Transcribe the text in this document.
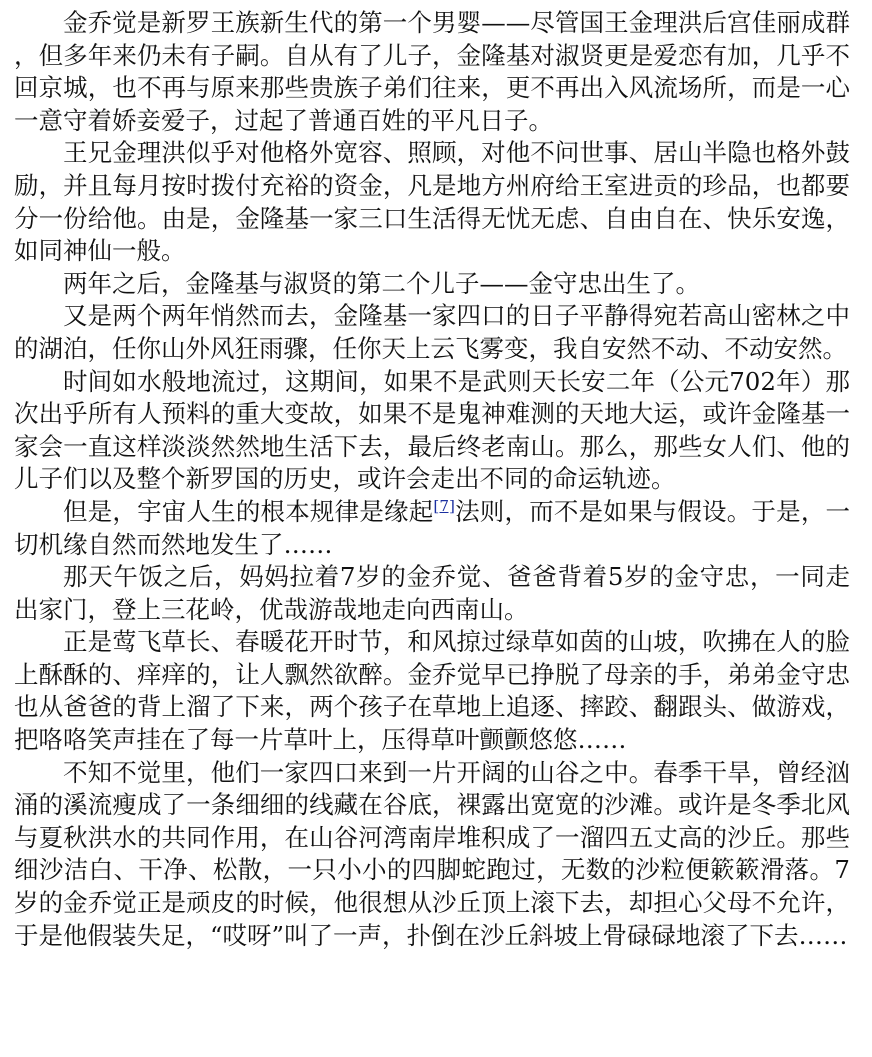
金乔觉是新罗王族新生代的第一个男婴——尽管国王金理洪后宫佳丽成群，但多年来仍未有子嗣。自从有了儿子，金隆基对淑贤更是爱恋有加，几乎不回京城，也不再与原来那些贵族子弟们往来，更不再出入风流场所，而是一心一意守着娇妾爱子，过起了普通百姓的平凡日子。

王兄金理洪似乎对他格外宽容、照顾，对他不问世事、居山半隐也格外鼓励，并且每月按时拨付充裕的资金，凡是地方州府给王室进贡的珍品，也都要分一份给他。由是，金隆基一家三口生活得无忧无虑、自由自在、快乐安逸，如同神仙一般。

两年之后，金隆基与淑贤的第二个儿子——金守忠出生了。

又是两个两年悄然而去，金隆基一家四口的日子平静得宛若高山密林之中的湖泊，任你山外风狂雨骤，任你天上云飞雾变，我自安然不动、不动安然。

时间如水般地流过，这期间，如果不是武则天长安二年（公元702年）那次出乎所有人预料的重大变故，如果不是鬼神难测的天地大运，或许金隆基一家会一直这样淡淡然然地生活下去，最后终老南山。那么，那些女人们、他的儿子们以及整个新罗国的历史，或许会走出不同的命运轨迹。

但是，宇宙人生的根本规律是缘起[7]法则，而不是如果与假设。于是，一切机缘自然而然地发生了……

那天午饭之后，妈妈拉着7岁的金乔觉、爸爸背着5岁的金守忠，一同走出家门，登上三花岭，优哉游哉地走向西南山。

正是莺飞草长、春暖花开时节，和风掠过绿草如茵的山坡，吹拂在人的脸上酥酥的、痒痒的，让人飘然欲醉。金乔觉早已挣脱了母亲的手，弟弟金守忠也从爸爸的背上溜了下来，两个孩子在草地上追逐、摔跤、翻跟头、做游戏，把咯咯笑声挂在了每一片草叶上，压得草叶颤颤悠悠……

不知不觉里，他们一家四口来到一片开阔的山谷之中。春季干旱，曾经汹涌的溪流瘦成了一条细细的线藏在谷底，裸露出宽宽的沙滩。或许是冬季北风与夏秋洪水的共同作用，在山谷河湾南岸堆积成了一溜四五丈高的沙丘。那些细沙洁白、干净、松散，一只小小的四脚蛇跑过，无数的沙粒便簌簌滑落。7岁的金乔觉正是顽皮的时候，他很想从沙丘顶上滚下去，却担心父母不允许，于是他假装失足，“哎呀”叫了一声，扑倒在沙丘斜坡上骨碌碌地滚了下去……
